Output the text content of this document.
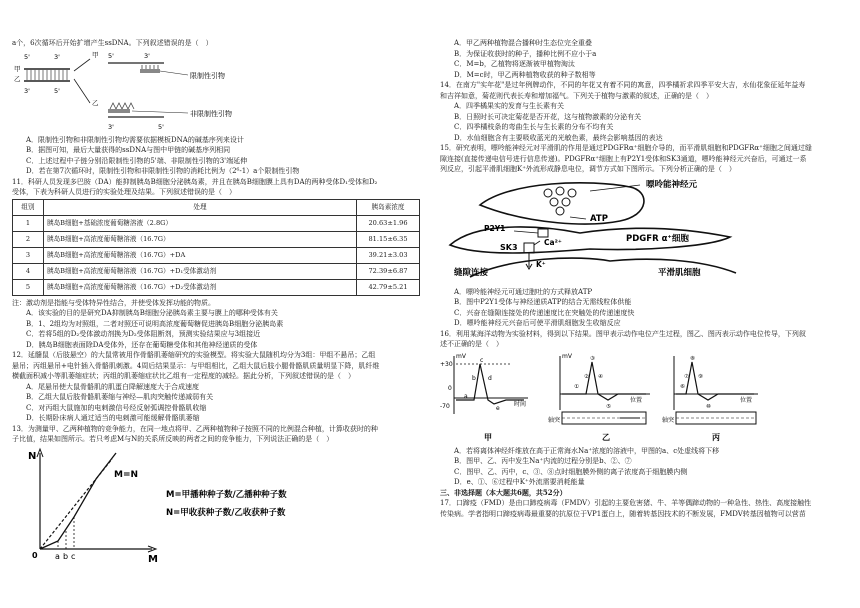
a个，6次循环后开始扩增产生ssDNA。下列叙述错误的是（　）
5'	3'
甲
乙
3'	5'
甲 5'	3'
限制性引物
乙
3'	5'
非限制性引物
A．限制性引物和非限制性引物均需要依据模板DNA的碱基序列来设计
B．据图可知，最后大量获得的ssDNA与图中甲链的碱基序列相同
C．上述过程中子链分别沿限制性引物的5'端、非限制性引物的3'端延伸
D．若在第7次循环时，限制性引物和非限制性引物的消耗比例为（2⁶-1）a个限制性引物
11．科研人员发现多巴胺（DA）能抑制胰岛B细胞分泌胰岛素，并且在胰岛B细胞膜上具有DA的两种受体D₁受体和D₂
受体，下表为科研人员进行的实验处理及结果。下列叙述错误的是（　）
组别	处理	胰岛素浓度
1	胰岛B细胞+基础浓度葡萄糖溶液（2.8G）	20.63±1.96
2	胰岛B细胞+高浓度葡萄糖溶液（16.7G）	81.15±6.35
3	胰岛B细胞+高浓度葡萄糖溶液（16.7G）+DA	39.21±3.03
4	胰岛B细胞+高浓度葡萄糖溶液（16.7G）+D₁受体激动剂	72.39±6.87
5	胰岛B细胞+高浓度葡萄糖溶液（16.7G）+D₂受体激动剂	42.79±5.21
注：激动剂是指能与受体特异性结合，并使受体发挥功能的物质。
A．该实验的目的是研究DA抑制胰岛B细胞分泌胰岛素主要与膜上的哪种受体有关
B．1、2组均为对照组，二者对照还可说明高浓度葡萄糖促进胰岛B细胞分泌胰岛素
C．若将5组的D₂受体激动剂换为D₂受体阻断剂，预测实验结果应与3组接近
D．胰岛B细胞表面除DA受体外，还存在葡萄糖受体和其他神经递质的受体
12．延髓鼠（后肢悬空）的大鼠常被用作骨骼肌萎缩研究的实验模型。将实验大鼠随机均分为3组：甲组不悬吊；乙组
悬吊；丙组悬吊+电针插入骨骼肌刺激。4周后结果显示：与甲组相比，乙组大鼠后肢小腿骨骼肌质量明显下降，肌纤维
横截面积减小等肌萎缩症状；丙组的肌萎缩症状比乙组有一定程度的减轻。据此分析，下列叙述错误的是（　）
A．尾悬吊使大鼠骨骼肌的肌蛋白降解速度大于合成速度
B．乙组大鼠后肢骨骼肌萎缩与神经—肌肉突触传递减弱有关
C．对丙组大鼠施加的电刺激信号经反射弧调控骨骼肌收缩
D．长期卧床病人通过适当的电刺激可能缓解骨骼肌萎缩
13．为测量甲、乙两种植物的竞争能力，在同一地点将甲、乙两种植物种子按照不同的比例混合种植，计算收获时的种
子比值，结果如图所示。若只考虑M与N的关系所反映的两者之间的竞争能力，下列说法正确的是（　）
N
M
0
M=N
a b c
M=甲播种种子数/乙播种种子数
N=甲收获种子数/乙收获种子数
A．甲乙两种植物混合播种时生态位完全重叠
B．为保证收获时的种子，播种比例不应小于a
C．M=b，乙植物将逐渐被甲植物淘汰
D．M=c时，甲乙两种植物收获的种子数相等
14．在南方"实年花"是过年例牌动作，不同的年花又有着不同的寓意，四季橘祈求四季平安大吉，水仙花象征延年益寿
和吉祥如意，菊花则代表长寿和增加福气。下列关于植物与激素的叙述，正确的是（　）
A．四季橘果实的发育与生长素有关
B．日照时长可决定菊花是否开花，这与植物激素的分泌有关
C．四季橘枝条的弯曲生长与生长素的分布不均有关
D．水仙细胞含有主要吸收蓝光的光敏色素，最终会影响基因的表达
15．研究表明，嘌呤能神经元对平滑肌的作用是通过PDGFRα⁺细胞介导的，而平滑肌细胞和PDGFRα⁺细胞之间通过缝
隙连接(直接传递电信号进行信息传递)。PDGFRα⁺细胞上有P2Y1受体和SK3通道，嘌呤能神经元兴奋后，可通过一系
列反应，引起平滑肌细胞K⁺外流形成静息电位，调节方式如下图所示。下列分析正确的是（　）
嘌呤能神经元
ATP
P2Y1
PDGFR α⁺细胞
SK3
Ca²⁺
K⁺
缝隙连接	平滑肌细胞
A．嘌呤能神经元可通过胞吐的方式释放ATP
B．图中P2Y1受体与神经递质ATP的结合无需线粒体供能
C．兴奋在缝隙连接处的传递速度比在突触处的传递速度快
D．嘌呤能神经元兴奋后可使平滑肌细胞发生收缩反应
16．利用某海洋动物为实验材料，得到以下结果。图甲表示动作电位产生过程，图乙、图丙表示动作电位传导，下列叙
述不正确的是（　）
mV
时间
+30
0
-70
a
b
c
d
e
甲
mV
位置
①
②
③
④
⑤
轴突
乙
位置
⑥
⑦
⑧
⑨
⑩
轴突
丙
A．若将离体神经纤维放在高于正常海水Na⁺浓度的溶液中，甲图的a、c处虚线将下移
B．图甲、乙、丙中发生Na⁺内流的过程分别是b、②、⑦
C．图甲、乙、丙中，c、③、⑧点时细胞膜外侧的离子浓度高于细胞膜内侧
D．e、①、⑥过程中K⁺外流需要消耗能量
三、非选择题（本大题共6题，共52分）
17．口蹄疫（FMD）是由口蹄疫病毒（FMDV）引起的主要危害猪、牛、羊等偶蹄动物的一种急性、热性、高度接触性
传染病。学者指明口蹄疫病毒最重要的抗原位于VP1蛋白上，随着转基因技术的不断发展，FMDV转基因植物可以营苗
